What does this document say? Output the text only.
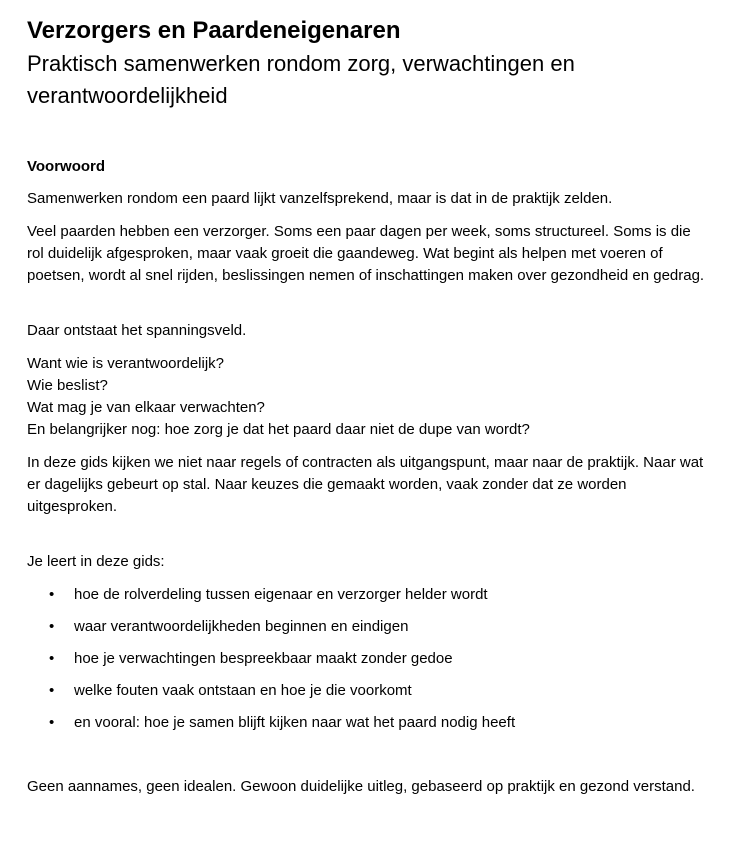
Verzorgers en Paardeneigenaren
Praktisch samenwerken rondom zorg, verwachtingen en verantwoordelijkheid
Voorwoord

Samenwerken rondom een paard lijkt vanzelfsprekend, maar is dat in de praktijk zelden.

Veel paarden hebben een verzorger. Soms een paar dagen per week, soms structureel. Soms is die rol duidelijk afgesproken, maar vaak groeit die gaandeweg. Wat begint als helpen met voeren of poetsen, wordt al snel rijden, beslissingen nemen of inschattingen maken over gezondheid en gedrag.

Daar ontstaat het spanningsveld.

Want wie is verantwoordelijk?

Wie beslist?

Wat mag je van elkaar verwachten?

En belangrijker nog: hoe zorg je dat het paard daar niet de dupe van wordt?

In deze gids kijken we niet naar regels of contracten als uitgangspunt, maar naar de praktijk. Naar wat er dagelijks gebeurt op stal. Naar keuzes die gemaakt worden, vaak zonder dat ze worden uitgesproken.

Je leert in deze gids:

• hoe de rolverdeling tussen eigenaar en verzorger helder wordt
• waar verantwoordelijkheden beginnen en eindigen
• hoe je verwachtingen bespreekbaar maakt zonder gedoe
• welke fouten vaak ontstaan en hoe je die voorkomt
• en vooral: hoe je samen blijft kijken naar wat het paard nodig heeft

Geen aannames, geen idealen. Gewoon duidelijke uitleg, gebaseerd op praktijk en gezond verstand.
